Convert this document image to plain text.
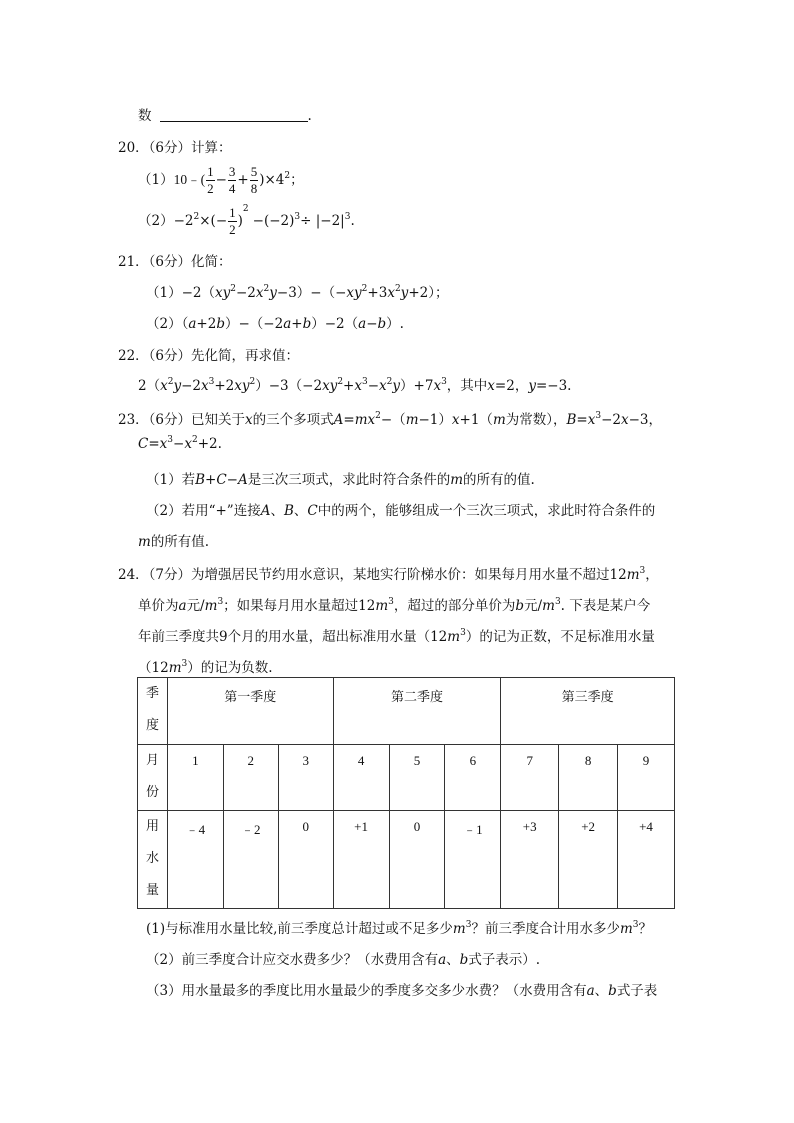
数	.
20．（6分）计算：
（1）10﹣( $\frac{1}{2} - \frac{3}{4} + \frac{5}{8} )\times 4^2$；
$(2)-2^2\times(- \frac{1}{2} )^2-(-2)^3\div |-2|^3$.
21．（6分）化简：
$(1)-2(xy^2-2x^2y-3)-(-xy^2+3x^2y+2)$；
（2）（a+2b）−（−2a+b）−2（a−b）.
22．（6分）先化简，再求值：
$2(x^2y-2x^3+2xy^2)-3(-2xy^2+x^3-x^2y)+7x^3$，其中x=2，y=−3.
23．（6分）已知关于x的三个多项式$A=mx^2-(m-1)x+1(m$为常数），$B=x^3-2x-3$，
$C=x^3-x^2+2$.
（1）若B+C−A是三次三项式，求此时符合条件的m的所有的值.
（2）若用“+”连接A、B、C中的两个，能够组成一个三次三项式，求此时符合条件的
m的所有值.
24．（7分）为增强居民节约用水意识，某地实行阶梯水价：如果每月用水量不超过$12m^3$，
单价为a元$/m^3$；如果每月用水量超过$12m^3$，超过的部分单价为b元$/m^3$. 下表是某户今
年前三季度共9个月的用水量，超出标准用水量$(12m^3)$的记为正数，不足标准用水量
$(12m^3)$的记为负数.
季
度	第一季度			第二季度			第三季度		
月
份	1	2	3	4	5	6	7	8	9
用
水
量	﹣4	﹣2	0	+1	0	﹣1	+3	+2	+4
(1)与标准用水量比较,前三季度总计超过或不足多少$m^3$？前三季度合计用水多少$m^3$？
（2）前三季度合计应交水费多少？（水费用含有a、b式子表示）.
（3）用水量最多的季度比用水量最少的季度多交多少水费？（水费用含有a、b式子表
